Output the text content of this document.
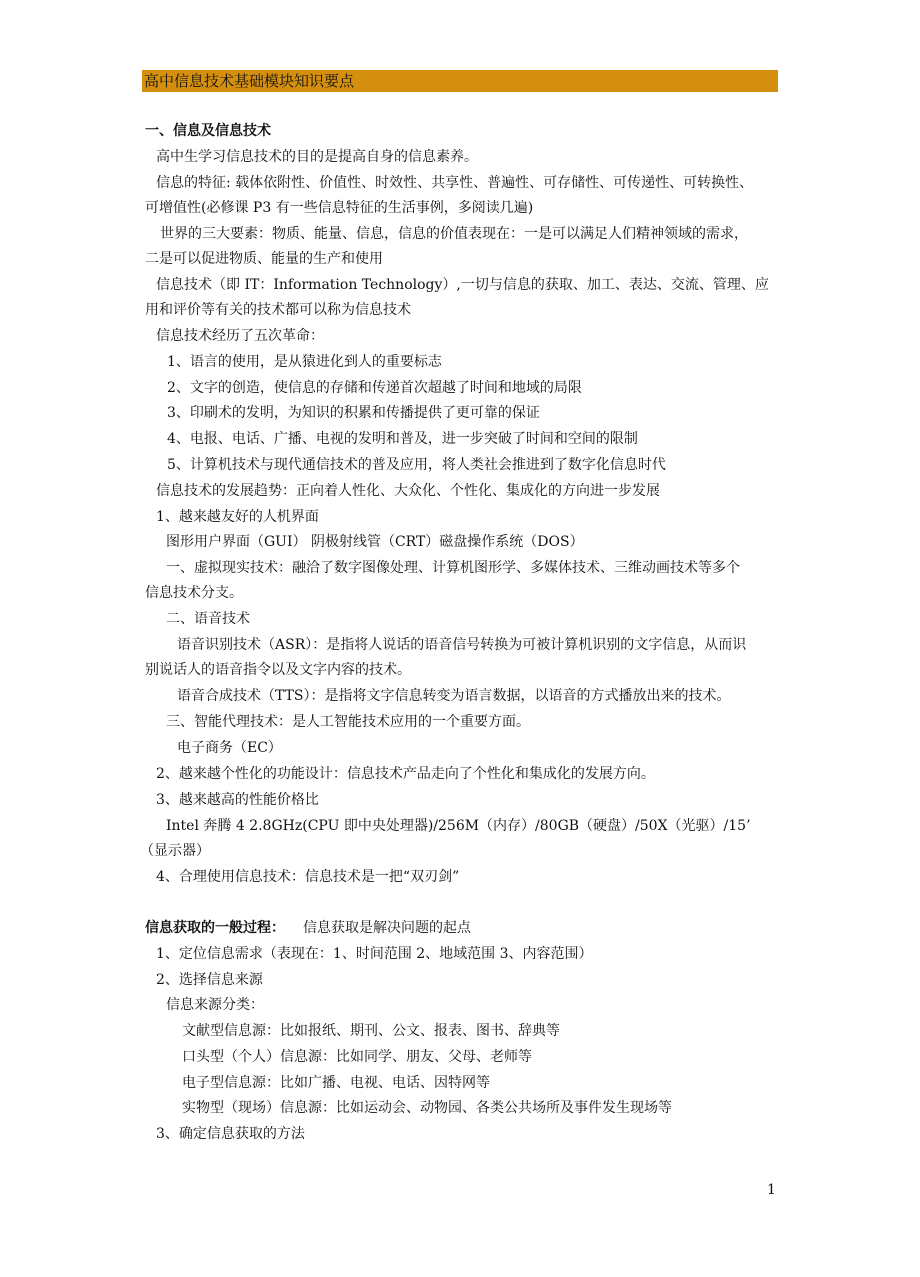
高中信息技术基础模块知识要点
一、信息及信息技术
高中生学习信息技术的目的是提高自身的信息素养。
信息的特征: 载体依附性、价值性、时效性、共享性、普遍性、可存储性、可传递性、可转换性、
可增值性(必修课 P3 有一些信息特征的生活事例，多阅读几遍)
世界的三大要素：物质、能量、信息，信息的价值表现在：一是可以满足人们精神领域的需求，
二是可以促进物质、能量的生产和使用
信息技术（即 IT：Information Technology）,一切与信息的获取、加工、表达、交流、管理、应
用和评价等有关的技术都可以称为信息技术
信息技术经历了五次革命：
1、语言的使用，是从猿进化到人的重要标志
2、文字的创造，使信息的存储和传递首次超越了时间和地域的局限
3、印刷术的发明，为知识的积累和传播提供了更可靠的保证
4、电报、电话、广播、电视的发明和普及，进一步突破了时间和空间的限制
5、计算机技术与现代通信技术的普及应用，将人类社会推进到了数字化信息时代
信息技术的发展趋势：正向着人性化、大众化、个性化、集成化的方向进一步发展
1、越来越友好的人机界面
图形用户界面（GUI） 阴极射线管（CRT）磁盘操作系统（DOS）
一、虚拟现实技术：融洽了数字图像处理、计算机图形学、多媒体技术、三维动画技术等多个
信息技术分支。
二、语音技术
语音识别技术（ASR）：是指将人说话的语音信号转换为可被计算机识别的文字信息，从而识
别说话人的语音指令以及文字内容的技术。
语音合成技术（TTS）：是指将文字信息转变为语言数据，以语音的方式播放出来的技术。
三、智能代理技术：是人工智能技术应用的一个重要方面。
电子商务（EC）
2、越来越个性化的功能设计：信息技术产品走向了个性化和集成化的发展方向。
3、越来越高的性能价格比
Intel 奔腾 4 2.8GHz(CPU 即中央处理器)/256M（内存）/80GB（硬盘）/50X（光驱）/15’
（显示器）
4、合理使用信息技术：信息技术是一把“双刃剑”
信息获取的一般过程： 信息获取是解决问题的起点
1、定位信息需求（表现在：1、时间范围 2、地域范围 3、内容范围）
2、选择信息来源
信息来源分类：
文献型信息源：比如报纸、期刊、公文、报表、图书、辞典等
口头型（个人）信息源：比如同学、朋友、父母、老师等
电子型信息源：比如广播、电视、电话、因特网等
实物型（现场）信息源：比如运动会、动物园、各类公共场所及事件发生现场等
3、确定信息获取的方法
1
